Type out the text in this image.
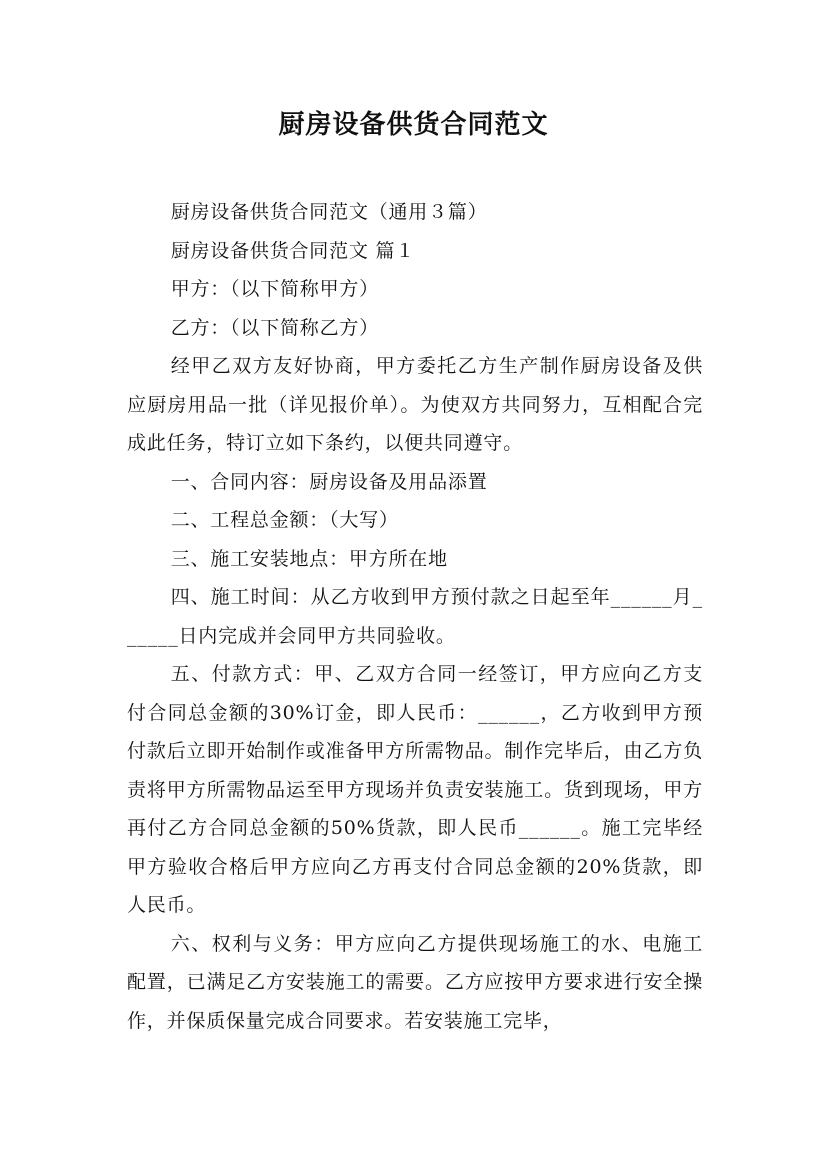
厨房设备供货合同范文

厨房设备供货合同范文（通用３篇）

厨房设备供货合同范文 篇１

甲方：（以下简称甲方）

乙方：（以下简称乙方）

经甲乙双方友好协商，甲方委托乙方生产制作厨房设备及供应厨房用品一批（详见报价单）。为使双方共同努力，互相配合完成此任务，特订立如下条约，以便共同遵守。

一、合同内容：厨房设备及用品添置

二、工程总金额：（大写）

三、施工安装地点：甲方所在地

四、施工时间：从乙方收到甲方预付款之日起至年______月______日内完成并会同甲方共同验收。

五、付款方式：甲、乙双方合同一经签订，甲方应向乙方支付合同总金额的30%订金，即人民币：______，乙方收到甲方预付款后立即开始制作或准备甲方所需物品。制作完毕后，由乙方负责将甲方所需物品运至甲方现场并负责安装施工。货到现场，甲方再付乙方合同总金额的50%货款，即人民币______。施工完毕经甲方验收合格后甲方应向乙方再支付合同总金额的20%货款，即人民币。

六、权利与义务：甲方应向乙方提供现场施工的水、电施工配置，已满足乙方安装施工的需要。乙方应按甲方要求进行安全操作，并保质保量完成合同要求。若安装施工完毕，
